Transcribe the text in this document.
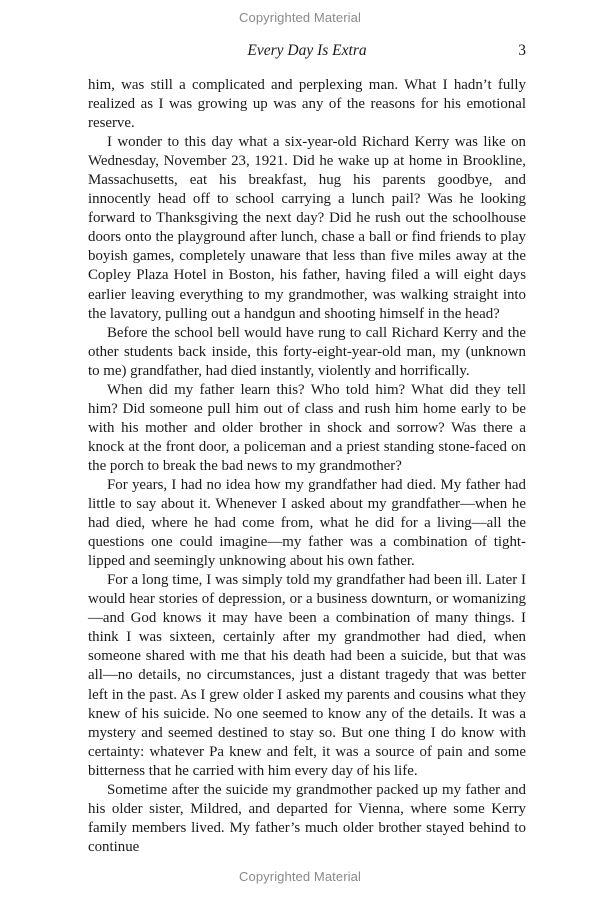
Copyrighted Material
Every Day Is Extra	3

him, was still a complicated and perplexing man. What I hadn’t fully realized as I was growing up was any of the reasons for his emotional reserve.

I wonder to this day what a six-year-old Richard Kerry was like on Wednesday, November 23, 1921. Did he wake up at home in Brookline, Massachusetts, eat his breakfast, hug his parents goodbye, and innocently head off to school carrying a lunch pail? Was he looking forward to Thanksgiving the next day? Did he rush out the schoolhouse doors onto the playground after lunch, chase a ball or find friends to play boyish games, completely unaware that less than five miles away at the Copley Plaza Hotel in Boston, his father, having filed a will eight days earlier leaving everything to my grandmother, was walking straight into the lavatory, pulling out a handgun and shooting himself in the head?

Before the school bell would have rung to call Richard Kerry and the other students back inside, this forty-eight-year-old man, my (unknown to me) grandfather, had died instantly, violently and horrifically.

When did my father learn this? Who told him? What did they tell him? Did someone pull him out of class and rush him home early to be with his mother and older brother in shock and sorrow? Was there a knock at the front door, a policeman and a priest standing stone-faced on the porch to break the bad news to my grandmother?

For years, I had no idea how my grandfather had died. My father had little to say about it. Whenever I asked about my grandfather—when he had died, where he had come from, what he did for a living—all the questions one could imagine—my father was a combination of tight-lipped and seemingly unknowing about his own father.

For a long time, I was simply told my grandfather had been ill. Later I would hear stories of depression, or a business downturn, or womanizing—and God knows it may have been a combination of many things. I think I was sixteen, certainly after my grandmother had died, when someone shared with me that his death had been a suicide, but that was all—no details, no circumstances, just a distant tragedy that was better left in the past. As I grew older I asked my parents and cousins what they knew of his suicide. No one seemed to know any of the details. It was a mystery and seemed destined to stay so. But one thing I do know with certainty: whatever Pa knew and felt, it was a source of pain and some bitterness that he carried with him every day of his life.

Sometime after the suicide my grandmother packed up my father and his older sister, Mildred, and departed for Vienna, where some Kerry family members lived. My father’s much older brother stayed behind to continue

Copyrighted Material
